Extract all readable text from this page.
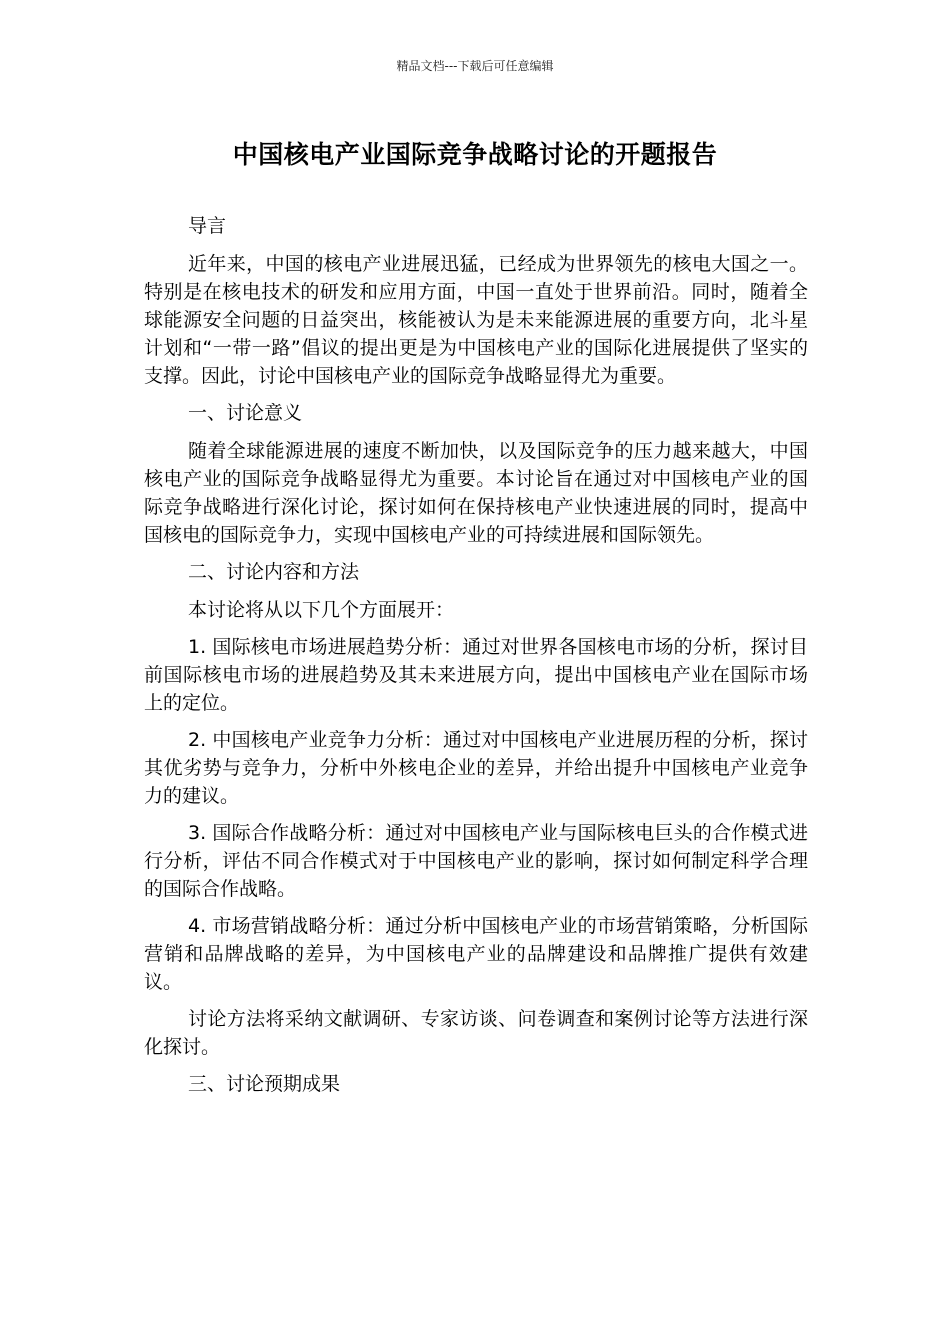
精品文档---下载后可任意编辑
中国核电产业国际竞争战略讨论的开题报告

导言

近年来，中国的核电产业进展迅猛，已经成为世界领先的核电大国之一。特别是在核电技术的研发和应用方面，中国一直处于世界前沿。同时，随着全球能源安全问题的日益突出，核能被认为是未来能源进展的重要方向，北斗星计划和“一带一路”倡议的提出更是为中国核电产业的国际化进展提供了坚实的支撑。因此，讨论中国核电产业的国际竞争战略显得尤为重要。

一、讨论意义

随着全球能源进展的速度不断加快，以及国际竞争的压力越来越大，中国核电产业的国际竞争战略显得尤为重要。本讨论旨在通过对中国核电产业的国际竞争战略进行深化讨论，探讨如何在保持核电产业快速进展的同时，提高中国核电的国际竞争力，实现中国核电产业的可持续进展和国际领先。

二、讨论内容和方法

本讨论将从以下几个方面展开：

1. 国际核电市场进展趋势分析：通过对世界各国核电市场的分析，探讨目前国际核电市场的进展趋势及其未来进展方向，提出中国核电产业在国际市场上的定位。

2. 中国核电产业竞争力分析：通过对中国核电产业进展历程的分析，探讨其优劣势与竞争力，分析中外核电企业的差异，并给出提升中国核电产业竞争力的建议。

3. 国际合作战略分析：通过对中国核电产业与国际核电巨头的合作模式进行分析，评估不同合作模式对于中国核电产业的影响，探讨如何制定科学合理的国际合作战略。

4. 市场营销战略分析：通过分析中国核电产业的市场营销策略，分析国际营销和品牌战略的差异，为中国核电产业的品牌建设和品牌推广提供有效建议。

讨论方法将采纳文献调研、专家访谈、问卷调查和案例讨论等方法进行深化探讨。

三、讨论预期成果
